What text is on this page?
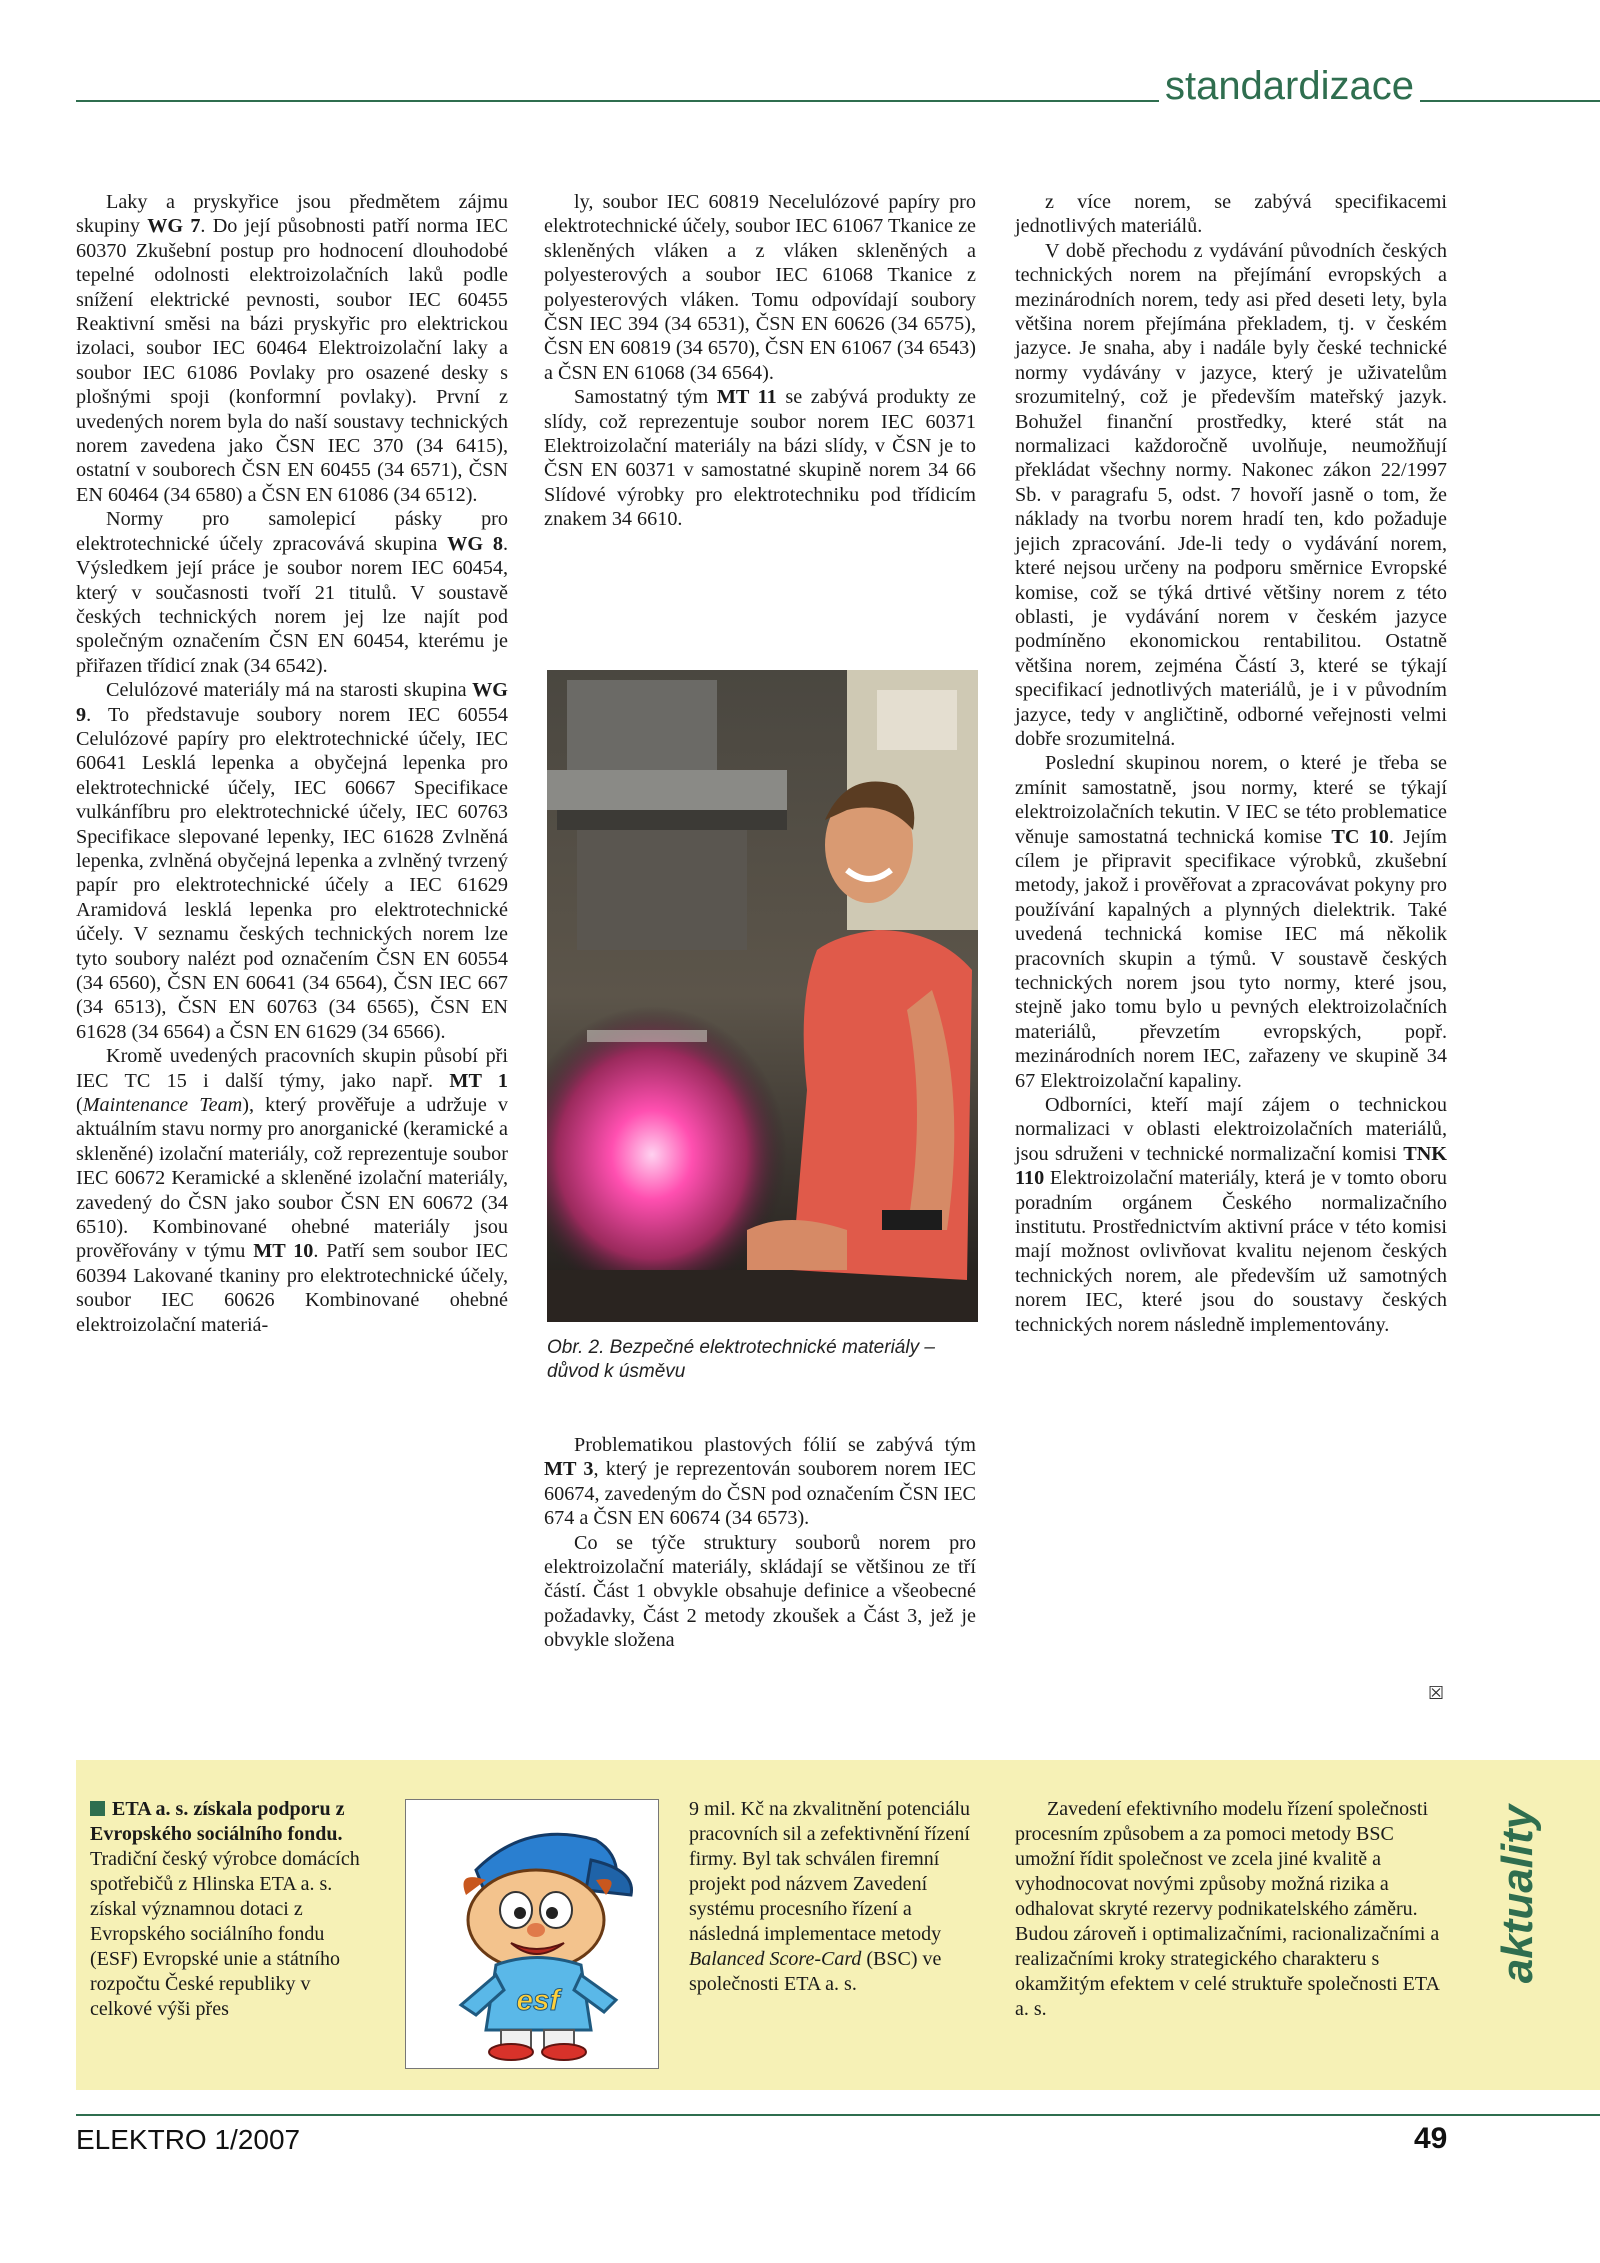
standardizace

Laky a pryskyřice jsou předmětem zájmu skupiny WG 7. Do její působnosti patří norma IEC 60370 Zkušební postup pro hodnocení dlouhodobé tepelné odolnosti elektroizolačních laků podle snížení elektrické pevnosti, soubor IEC 60455 Reaktivní směsi na bázi pryskyřic pro elektrickou izolaci, soubor IEC 60464 Elektroizolační laky a soubor IEC 61086 Povlaky pro osazené desky s plošnými spoji (konformní povlaky). První z uvedených norem byla do naší soustavy technických norem zavedena jako ČSN IEC 370 (34 6415), ostatní v souborech ČSN EN 60455 (34 6571), ČSN EN 60464 (34 6580) a ČSN EN 61086 (34 6512).

Normy pro samolepicí pásky pro elektrotechnické účely zpracovává skupina WG 8. Výsledkem její práce je soubor norem IEC 60454, který v současnosti tvoří 21 titulů. V soustavě českých technických norem jej lze najít pod společným označením ČSN EN 60454, kterému je přiřazen třídicí znak (34 6542).

Celulózové materiály má na starosti skupina WG 9. To představuje soubory norem IEC 60554 Celulózové papíry pro elektrotechnické účely, IEC 60641 Lesklá lepenka a obyčejná lepenka pro elektrotechnické účely, IEC 60667 Specifikace vulkánfíbru pro elektrotechnické účely, IEC 60763 Specifikace slepované lepenky, IEC 61628 Zvlněná lepenka, zvlněná obyčejná lepenka a zvlněný tvrzený papír pro elektrotechnické účely a IEC 61629 Aramidová lesklá lepenka pro elektrotechnické účely. V seznamu českých technických norem lze tyto soubory nalézt pod označením ČSN EN 60554 (34 6560), ČSN EN 60641 (34 6564), ČSN IEC 667 (34 6513), ČSN EN 60763 (34 6565), ČSN EN 61628 (34 6564) a ČSN EN 61629 (34 6566).

Kromě uvedených pracovních skupin působí při IEC TC 15 i další týmy, jako např. MT 1 (Maintenance Team), který prověřuje a udržuje v aktuálním stavu normy pro anorganické (keramické a skleněné) izolační materiály, což reprezentuje soubor IEC 60672 Keramické a skleněné izolační materiály, zavedený do ČSN jako soubor ČSN EN 60672 (34 6510). Kombinované ohebné materiály jsou prověřovány v týmu MT 10. Patří sem soubor IEC 60394 Lakované tkaniny pro elektrotechnické účely, soubor IEC 60626 Kombinované ohebné elektroizolační materiá-

ly, soubor IEC 60819 Necelulózové papíry pro elektrotechnické účely, soubor IEC 61067 Tkanice ze skleněných vláken a z vláken skleněných a polyesterových a soubor IEC 61068 Tkanice z polyesterových vláken. Tomu odpovídají soubory ČSN IEC 394 (34 6531), ČSN EN 60626 (34 6575), ČSN EN 60819 (34 6570), ČSN EN 61067 (34 6543) a ČSN EN 61068 (34 6564).

Samostatný tým MT 11 se zabývá produkty ze slídy, což reprezentuje soubor norem IEC 60371 Elektroizolační materiály na bázi slídy, v ČSN je to ČSN EN 60371 v samostatné skupině norem 34 66 Slídové výrobky pro elektrotechniku pod třídicím znakem 34 6610.

Obr. 2. Bezpečné elektrotechnické materiály – důvod k úsměvu

Problematikou plastových fólií se zabývá tým MT 3, který je reprezentován souborem norem IEC 60674, zavedeným do ČSN pod označením ČSN IEC 674 a ČSN EN 60674 (34 6573).

Co se týče struktury souborů norem pro elektroizolační materiály, skládají se většinou ze tří částí. Část 1 obvykle obsahuje definice a všeobecné požadavky, Část 2 metody zkoušek a Část 3, jež je obvykle složena

z více norem, se zabývá specifikacemi jednotlivých materiálů.

V době přechodu z vydávání původních českých technických norem na přejímání evropských a mezinárodních norem, tedy asi před deseti lety, byla většina norem přejímána překladem, tj. v českém jazyce. Je snaha, aby i nadále byly české technické normy vydávány v jazyce, který je uživatelům srozumitelný, což je především mateřský jazyk. Bohužel finanční prostředky, které stát na normalizaci každoročně uvolňuje, neumožňují překládat všechny normy. Nakonec zákon 22/1997 Sb. v paragrafu 5, odst. 7 hovoří jasně o tom, že náklady na tvorbu norem hradí ten, kdo požaduje jejich zpracování. Jde-li tedy o vydávání norem, které nejsou určeny na podporu směrnice Evropské komise, což se týká drtivé většiny norem z této oblasti, je vydávání norem v českém jazyce podmíněno ekonomickou rentabilitou. Ostatně většina norem, zejména Částí 3, které se týkají specifikací jednotlivých materiálů, je i v původním jazyce, tedy v angličtině, odborné veřejnosti velmi dobře srozumitelná.

Poslední skupinou norem, o které je třeba se zmínit samostatně, jsou normy, které se týkají elektroizolačních tekutin. V IEC se této problematice věnuje samostatná technická komise TC 10. Jejím cílem je připravit specifikace výrobků, zkušební metody, jakož i prověřovat a zpracovávat pokyny pro používání kapalných a plynných dielektrik. Také uvedená technická komise IEC má několik pracovních skupin a týmů. V soustavě českých technických norem jsou tyto normy, které jsou, stejně jako tomu bylo u pevných elektroizolačních materiálů, převzetím evropských, popř. mezinárodních norem IEC, zařazeny ve skupině 34 67 Elektroizolační kapaliny.

Odborníci, kteří mají zájem o technickou normalizaci v oblasti elektroizolačních materiálů, jsou sdruženi v technické normalizační komisi TNK 110 Elektroizolační materiály, která je v tomto oboru poradním orgánem Českého normalizačního institutu. Prostřednictvím aktivní práce v této komisi mají možnost ovlivňovat kvalitu nejenom českých technických norem, ale především už samotných norem IEC, které jsou do soustavy českých technických norem následně implementovány.

☒

ETA a. s. získala podporu z Evropského sociálního fondu. Tradiční český výrobce domácích spotřebičů z Hlinska ETA a. s. získal významnou dotaci z Evropského sociálního fondu (ESF) Evropské unie a státního rozpočtu České republiky v celkové výši přes	esf

9 mil. Kč na zkvalitnění potenciálu pracovních sil a zefektivnění řízení firmy. Byl tak schválen firemní projekt pod názvem Zavedení systému procesního řízení a následná implementace metody Balanced Score-Card (BSC) ve společnosti ETA a. s.

Zavedení efektivního modelu řízení společnosti procesním způsobem a za pomoci metody BSC umožní řídit společnost ve zcela jiné kvalitě a vyhodnocovat novými způsoby možná rizika a odhalovat skryté rezervy podnikatelského záměru. Budou zároveň i optimalizačními, racionalizačními a realizačními kroky strategického charakteru s okamžitým efektem v celé struktuře společnosti ETA a. s.

aktuality
ELEKTRO 1/2007	49
